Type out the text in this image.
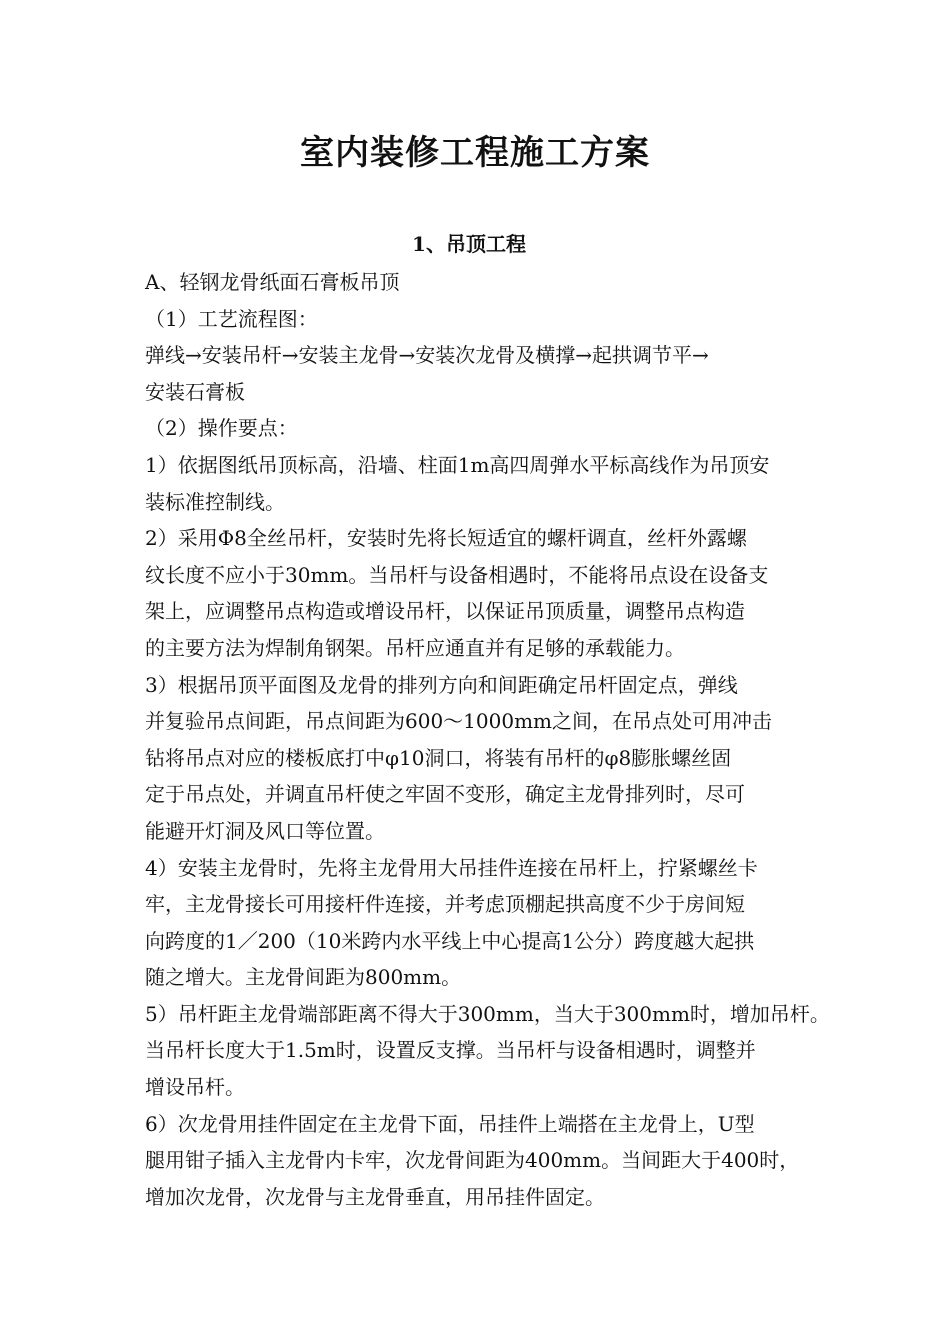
室内装修工程施工方案
1、吊顶工程
A、轻钢龙骨纸面石膏板吊顶
（1）工艺流程图：
弹线→安装吊杆→安装主龙骨→安装次龙骨及横撑→起拱调节平→
安装石膏板
（2）操作要点：
1）依据图纸吊顶标高，沿墙、柱面1m高四周弹水平标高线作为吊顶安
装标准控制线。
2）采用Φ8全丝吊杆，安装时先将长短适宜的螺杆调直，丝杆外露螺
纹长度不应小于30mm。当吊杆与设备相遇时，不能将吊点设在设备支
架上，应调整吊点构造或增设吊杆，以保证吊顶质量，调整吊点构造
的主要方法为焊制角钢架。吊杆应通直并有足够的承载能力。
3）根据吊顶平面图及龙骨的排列方向和间距确定吊杆固定点，弹线
并复验吊点间距，吊点间距为600～1000mm之间，在吊点处可用冲击
钻将吊点对应的楼板底打中φ10洞口，将装有吊杆的φ8膨胀螺丝固
定于吊点处，并调直吊杆使之牢固不变形，确定主龙骨排列时，尽可
能避开灯洞及风口等位置。
4）安装主龙骨时，先将主龙骨用大吊挂件连接在吊杆上，拧紧螺丝卡
牢，主龙骨接长可用接杆件连接，并考虑顶棚起拱高度不少于房间短
向跨度的1／200（10米跨内水平线上中心提高1公分）跨度越大起拱
随之增大。主龙骨间距为800mm。
5）吊杆距主龙骨端部距离不得大于300mm，当大于300mm时，增加吊杆。
当吊杆长度大于1.5m时，设置反支撑。当吊杆与设备相遇时，调整并
增设吊杆。
6）次龙骨用挂件固定在主龙骨下面，吊挂件上端搭在主龙骨上，U型
腿用钳子插入主龙骨内卡牢，次龙骨间距为400mm。当间距大于400时，
增加次龙骨，次龙骨与主龙骨垂直，用吊挂件固定。
